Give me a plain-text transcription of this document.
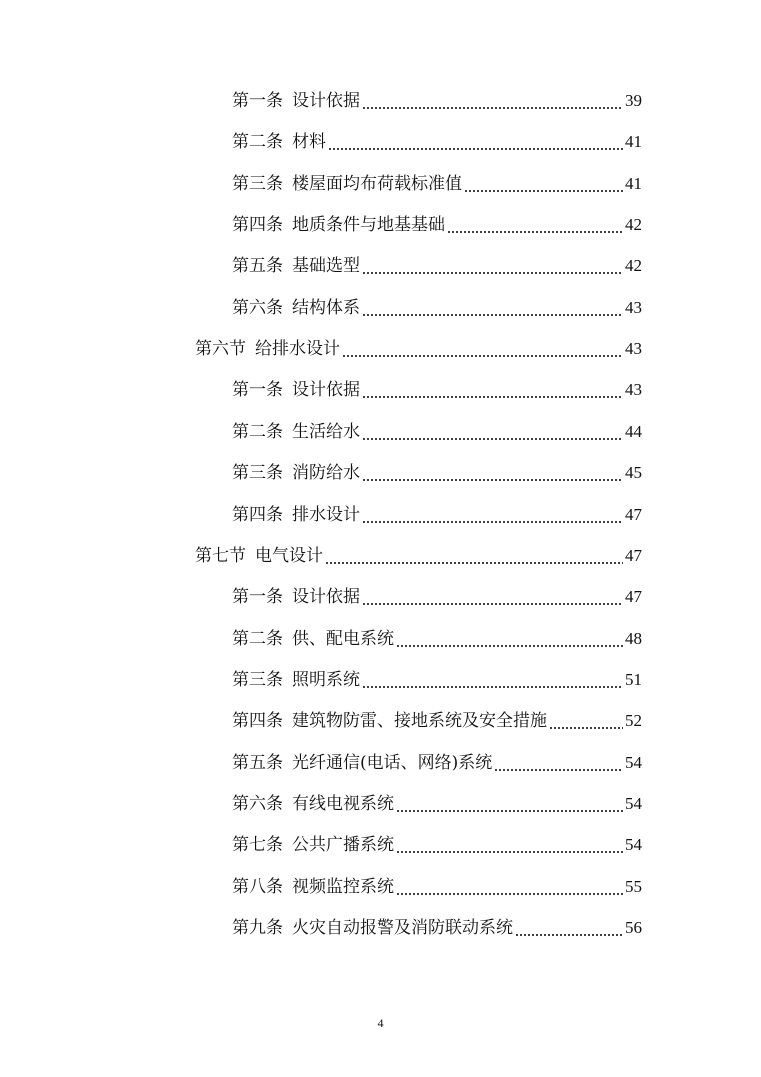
第一条 设计依据	39
第二条 材料	41
第三条 楼屋面均布荷载标准值	41
第四条 地质条件与地基基础	42
第五条 基础选型	42
第六条 结构体系	43
第六节 给排水设计	43
第一条 设计依据	43
第二条 生活给水	44
第三条 消防给水	45
第四条 排水设计	47
第七节 电气设计	47
第一条 设计依据	47
第二条 供、配电系统	48
第三条 照明系统	51
第四条 建筑物防雷、接地系统及安全措施	52
第五条 光纤通信(电话、网络)系统	54
第六条 有线电视系统	54
第七条 公共广播系统	54
第八条 视频监控系统	55
第九条 火灾自动报警及消防联动系统	56
4
